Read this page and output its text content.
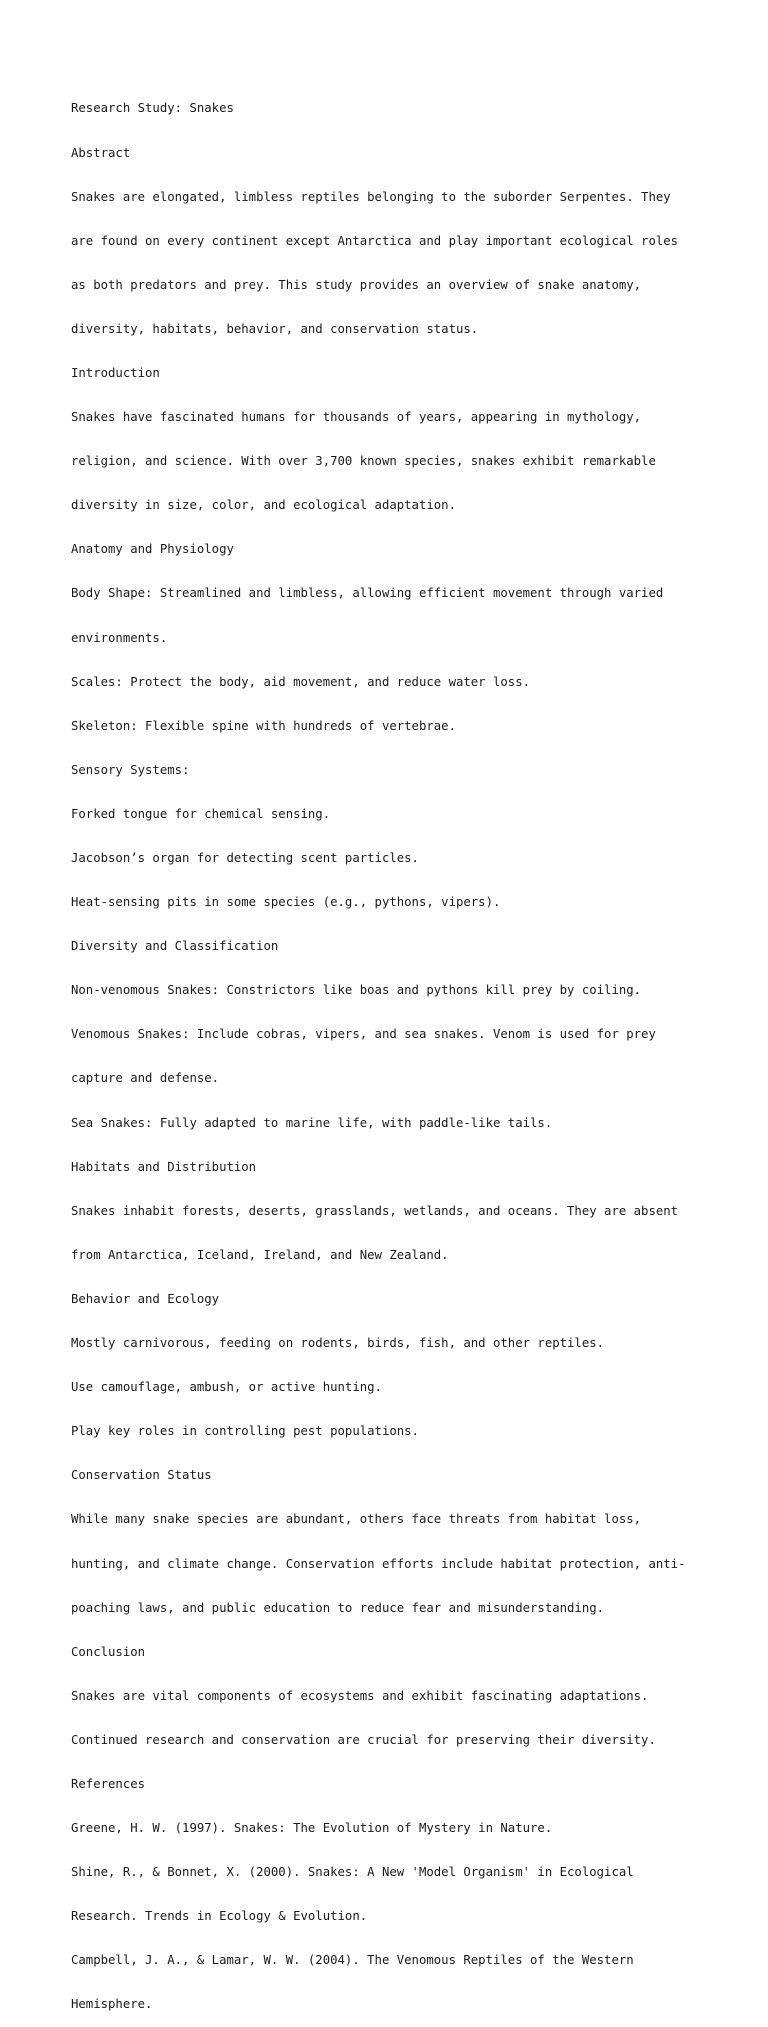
Research Study: Snakes

Abstract

Snakes are elongated, limbless reptiles belonging to the suborder Serpentes. They

are found on every continent except Antarctica and play important ecological roles

as both predators and prey. This study provides an overview of snake anatomy,

diversity, habitats, behavior, and conservation status.

Introduction

Snakes have fascinated humans for thousands of years, appearing in mythology,

religion, and science. With over 3,700 known species, snakes exhibit remarkable

diversity in size, color, and ecological adaptation.

Anatomy and Physiology

Body Shape: Streamlined and limbless, allowing efficient movement through varied

environments.

Scales: Protect the body, aid movement, and reduce water loss.

Skeleton: Flexible spine with hundreds of vertebrae.

Sensory Systems:

Forked tongue for chemical sensing.

Jacobson’s organ for detecting scent particles.

Heat-sensing pits in some species (e.g., pythons, vipers).

Diversity and Classification

Non-venomous Snakes: Constrictors like boas and pythons kill prey by coiling.

Venomous Snakes: Include cobras, vipers, and sea snakes. Venom is used for prey

capture and defense.

Sea Snakes: Fully adapted to marine life, with paddle-like tails.

Habitats and Distribution

Snakes inhabit forests, deserts, grasslands, wetlands, and oceans. They are absent

from Antarctica, Iceland, Ireland, and New Zealand.

Behavior and Ecology

Mostly carnivorous, feeding on rodents, birds, fish, and other reptiles.

Use camouflage, ambush, or active hunting.

Play key roles in controlling pest populations.

Conservation Status

While many snake species are abundant, others face threats from habitat loss,

hunting, and climate change. Conservation efforts include habitat protection, anti-

poaching laws, and public education to reduce fear and misunderstanding.

Conclusion

Snakes are vital components of ecosystems and exhibit fascinating adaptations.

Continued research and conservation are crucial for preserving their diversity.

References

Greene, H. W. (1997). Snakes: The Evolution of Mystery in Nature.

Shine, R., & Bonnet, X. (2000). Snakes: A New 'Model Organism' in Ecological

Research. Trends in Ecology & Evolution.

Campbell, J. A., & Lamar, W. W. (2004). The Venomous Reptiles of the Western

Hemisphere.
